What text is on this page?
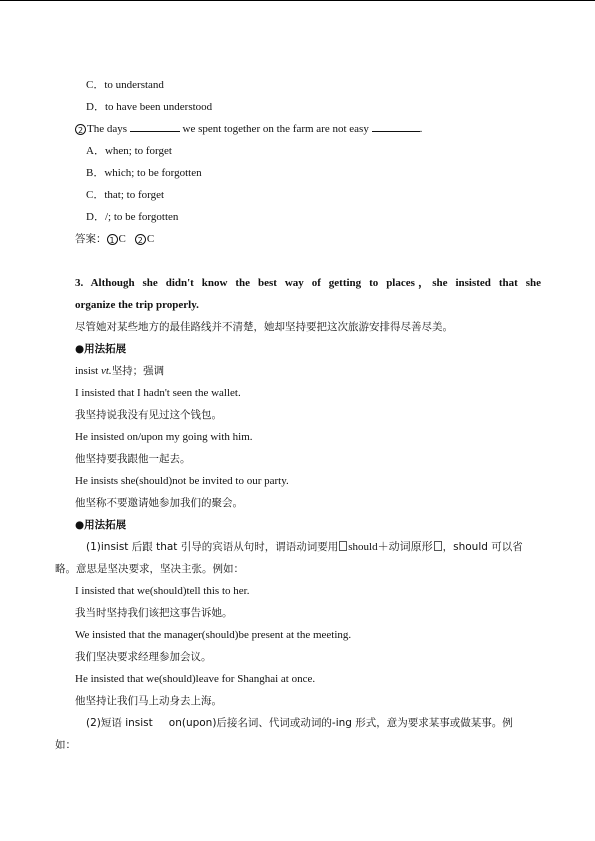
C．to understand
D．to have been understood
2 The days	we spent together on the farm are not easy	.
A．when; to forget
B．which; to be forgotten
C．that; to forget
D．/; to be forgotten
答案： 1 C 2 C
3. Although she didn't know the best way of getting to places，she insisted that she
organize the trip properly.
尽管她对某些地方的最佳路线并不清楚，她却坚持要把这次旅游安排得尽善尽美。
●用法拓展
insist vt.坚持；强调
I insisted that I hadn't seen the wallet.
我坚持说我没有见过这个钱包。
He insisted on/upon my going with him.
他坚持要我跟他一起去。
He insists she(should)not be invited to our party.
他坚称不要邀请她参加我们的聚会。
●用法拓展
(1)insist 后跟 that 引导的宾语从句时，谓语动词要用 should＋动词原形 ，should 可以省
略。意思是坚决要求，坚决主张。例如：
I insisted that we(should)tell this to her.
我当时坚持我们该把这事告诉她。
We insisted that the manager(should)be present at the meeting.
我们坚决要求经理参加会议。
He insisted that we(should)leave for Shanghai at once.
他坚持让我们马上动身去上海。
(2)短语 insist on(upon)后接名词、代词或动词的-ing 形式，意为要求某事或做某事。例
如：
